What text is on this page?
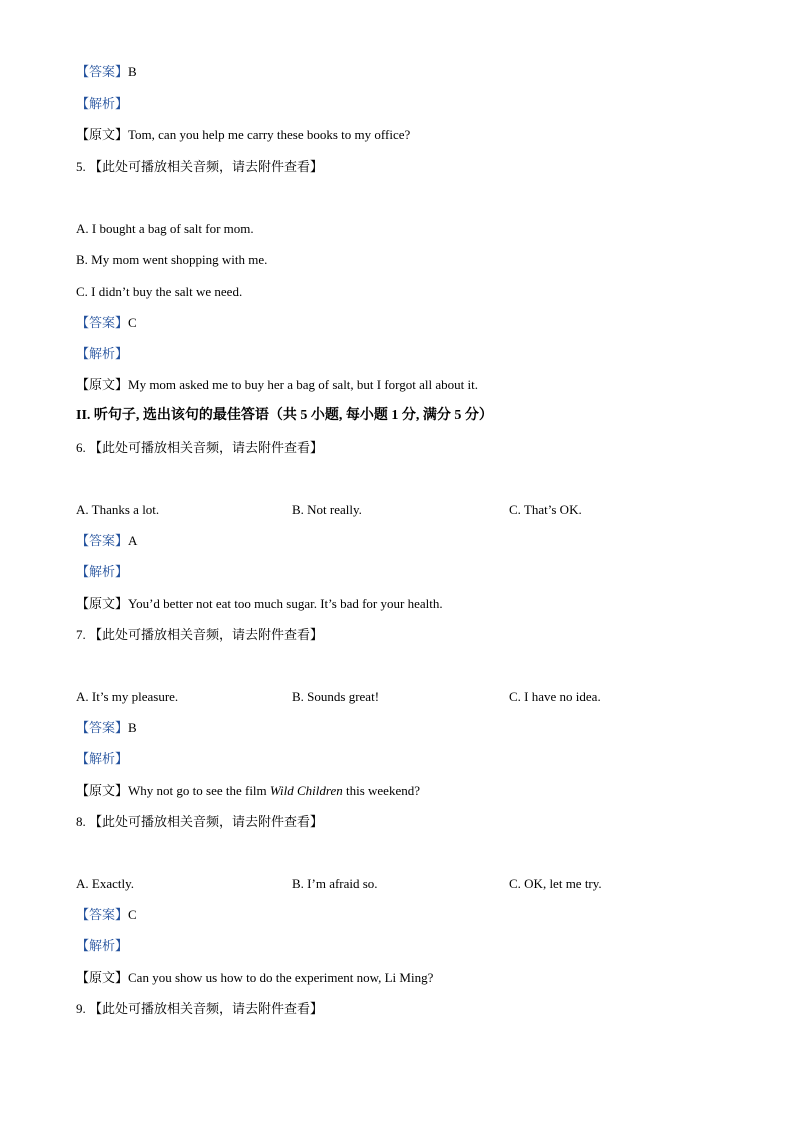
【答案】B
【解析】
【原文】Tom, can you help me carry these books to my office?
5. 【此处可播放相关音频，请去附件查看】
A. I bought a bag of salt for mom.
B. My mom went shopping with me.
C. I didn’t buy the salt we need.
【答案】C
【解析】
【原文】My mom asked me to buy her a bag of salt, but I forgot all about it.
II. 听句子, 选出该句的最佳答语（共 5 小题, 每小题 1 分, 满分 5 分）
6. 【此处可播放相关音频，请去附件查看】
A. Thanks a lot.	B. Not really.	C. That’s OK.
【答案】A
【解析】
【原文】You’d better not eat too much sugar. It’s bad for your health.
7. 【此处可播放相关音频，请去附件查看】
A. It’s my pleasure.	B. Sounds great!	C. I have no idea.
【答案】B
【解析】
【原文】Why not go to see the film Wild Children this weekend?
8. 【此处可播放相关音频，请去附件查看】
A. Exactly.	B. I’m afraid so.	C. OK, let me try.
【答案】C
【解析】
【原文】Can you show us how to do the experiment now, Li Ming?
9. 【此处可播放相关音频，请去附件查看】
